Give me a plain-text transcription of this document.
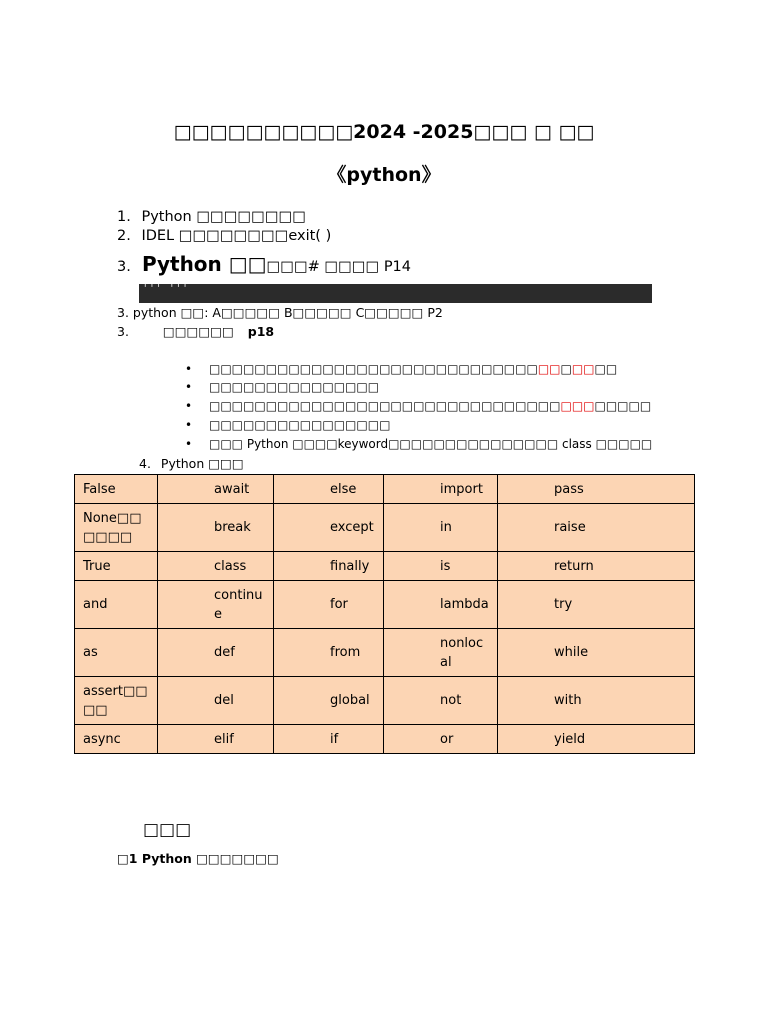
□□□□□□□□□□2024 -2025□□□ □ □□
《python》
1. Python □□□□□□□□
2. IDEL □□□□□□□□exit( )
3. Python □□□□□# □□□□ P14
''' '''
3. python □□: A□□□□□ B□□□□□ C□□□□□ P2
3.	□□□□□□ p18
• □□□□□□□□□□□□□□□□□□□□□□□□□□□□□□□□□□□□
• □□□□□□□□□□□□□□□
• □□□□□□□□□□□□□□□□□□□□□□□□□□□□□□□□□□□□□□□
• □□□□□□□□□□□□□□□□
• □□□ Python □□□□keyword□□□□□□□□□□□□□□□ class □□□□□
4. Python □□□
False	await	else	import	pass
None□□□□□□	break	except	in	raise
True	class	finally	is	return
and	continue	for	lambda	try
as	def	from	nonlocal	while
assert□□□□	del	global	not	with
async	elif	if	or	yield
□□□
□1 Python □□□□□□□
